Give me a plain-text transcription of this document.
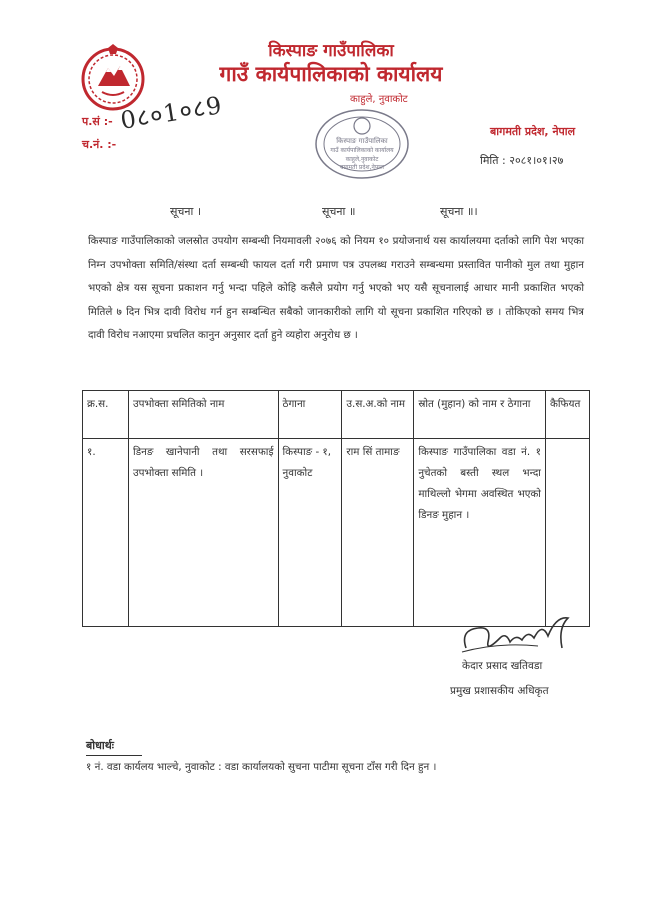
किस्पाङ गाउँपालिका
गाउँ कार्यपालिकाको कार्यालय
काहुले, नुवाकोट
प.सं :-
च.नं. :-
0८०1०८9
किस्पाङ गाउँपालिका
गाउँ कार्यपालिकाको कार्यालय
काहुले,नुवाकोट
बागमती प्रदेश,नेपाल
बागमती प्रदेश, नेपाल
मिति : २०८१।०१।२७
सूचना ।	सूचना ॥	सूचना ॥।
किस्पाङ गाउँपालिकाको जलस्रोत उपयोग सम्बन्धी नियमावली २०७६ को नियम १० प्रयोजनार्थ यस कार्यालयमा दर्ताको लागि पेश भएका निम्न उपभोक्ता समिति/संस्था दर्ता सम्बन्धी फायल दर्ता गरी प्रमाण पत्र उपलब्ध गराउने सम्बन्धमा प्रस्तावित पानीको मुल तथा मुहान भएको क्षेत्र यस सूचना प्रकाशन गर्नु भन्दा पहिले कोहि कसैले प्रयोग गर्नु भएको भए यसै सूचनालाई आधार मानी प्रकाशित भएको मितिले ७ दिन भित्र दावी विरोध गर्न हुन सम्बन्धित सबैको जानकारीको लागि यो सूचना प्रकाशित गरिएको छ । तोकिएको समय भित्र दावी विरोध नआएमा प्रचलित कानुन अनुसार दर्ता हुने व्यहोरा अनुरोध छ ।
क्र.स.	उपभोक्ता समितिको नाम	ठेगाना	उ.स.अ.को नाम	स्रोत (मुहान) को नाम र ठेगाना	कैफियत
१.	डिनङ खानेपानी तथा सरसफाई उपभोक्ता समिति ।	किस्पाङ - १, नुवाकोट	राम सिं तामाङ	किस्पाङ गाउँपालिका वडा नं. १ नुचेतको बस्ती स्थल भन्दा माथिल्लो भेगमा अवस्थित भएको डिनङ मुहान ।	
केदार प्रसाद खतिवडा
प्रमुख प्रशासकीय अधिकृत
बोधार्थः
१ नं. वडा कार्यलय भाल्चे, नुवाकोट : वडा कार्यालयको सुचना पाटीमा सूचना टाँस गरी दिन हुन ।
